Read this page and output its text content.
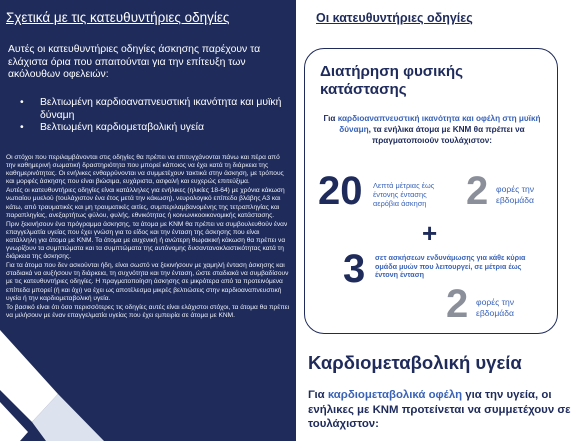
Σχετικά με τις κατευθυντήριες οδηγίες

Αυτές οι κατευθυντήριες οδηγίες άσκησης παρέχουν τα ελάχιστα όρια που απαιτούνται για την επίτευξη των ακόλουθων οφελειών:

• Βελτιωμένη καρδιοαναπνευστική ικανότητα και μυϊκή δύναμη
• Βελτιωμένη καρδιομεταβολική υγεία

Οι στόχοι που περιλαμβάνονται στις οδηγίες θα πρέπει να επιτυγχάνονται πάνω και πέρα από την καθημερινή σωματική δραστηριότητα που μπορεί κάποιος να έχει κατά τη διάρκεια της καθημερινότητας. Οι ενήλικες ενθαρρύνονται να συμμετέχουν τακτικά στην άσκηση, με τρόπους και μορφές άσκησης που είναι βιώσιμα, ευχάριστα, ασφαλή και ευχερώς επιτεύξιμα.

Αυτές οι κατευθυντήριες οδηγίες είναι κατάλληλες για ενήλικες (ηλικίες 18-64) με χρόνια κάκωση νωτιαίου μυελού (τουλάχιστον ένα έτος μετά την κάκωση), νευρολογικό επίπεδο βλάβης Α3 και κάτω, από τραυματικές και μη τραυματικές αιτίες, συμπεριλαμβανομένης της τετραπληγίας και παραπληγίας, ανεξαρτήτως φύλου, φυλής, εθνικότητας ή κοινωνικοοικονομικής κατάστασης.

Πριν ξεκινήσουν ένα πρόγραμμα άσκησης, τα άτομα με ΚΝΜ θα πρέπει να συμβουλευθούν έναν επαγγελματία υγείας που έχει γνώση για το είδος και την ένταση της άσκησης που είναι κατάλληλη για άτομα με ΚΝΜ. Τα άτομα με αυχενική ή ανώτερη θωρακική κάκωση θα πρέπει να γνωρίζουν τα συμπτώματα και τα συμπτώματα της αυτόνομης δυσαντανακλαστικότητας κατά τη διάρκεια της άσκησης.

Για τα άτομα που δεν ασκούνται ήδη, είναι σωστό να ξεκινήσουν με χαμηλή ένταση άσκησης και σταδιακά να αυξήσουν τη διάρκεια, τη συχνότητα και την ένταση, ώστε σταδιακά να συμβαδίσουν με τις κατευθυντήριες οδηγίες. Η πραγματοποίηση άσκησης σε μικρότερα από τα προτεινόμενα επίπεδα μπορεί (ή και όχι) να έχει ως αποτέλεσμα μικρές βελτιώσεις στην καρδιοαναπνευστική υγεία ή την καρδιομεταβολική υγεία.

Το βασικό είναι ότι όσο περισσότερες τις οδηγίες αυτές είναι ελάχιστοι στόχοι, τα άτομα θα πρέπει να μιλήσουν με έναν επαγγελματία υγείας που έχει εμπειρία σε άτομα με ΚΝΜ.

Οι κατευθυντήριες οδηγίες
Διατήρηση φυσικής κατάστασης
Για καρδιοαναπνευστική ικανότητα και οφέλη στη μυϊκή δύναμη, τα ενήλικα άτομα με ΚΝΜ θα πρέπει να πραγματοποιούν τουλάχιστον:
20 Λεπτά μέτριας έως έντονης έντασης αερόβια άσκηση 2 φορές την εβδομάδα
+
3 σετ ασκήσεων ενδυνάμωσης για κάθε κύρια ομάδα μυών που λειτουργεί, σε μέτρια έως έντονη ένταση
2 φορές την εβδομάδα
Καρδιομεταβολική υγεία
Για καρδιομεταβολικά οφέλη για την υγεία, οι ενήλικες με ΚΝΜ προτείνεται να συμμετέχουν σε τουλάχιστον:
